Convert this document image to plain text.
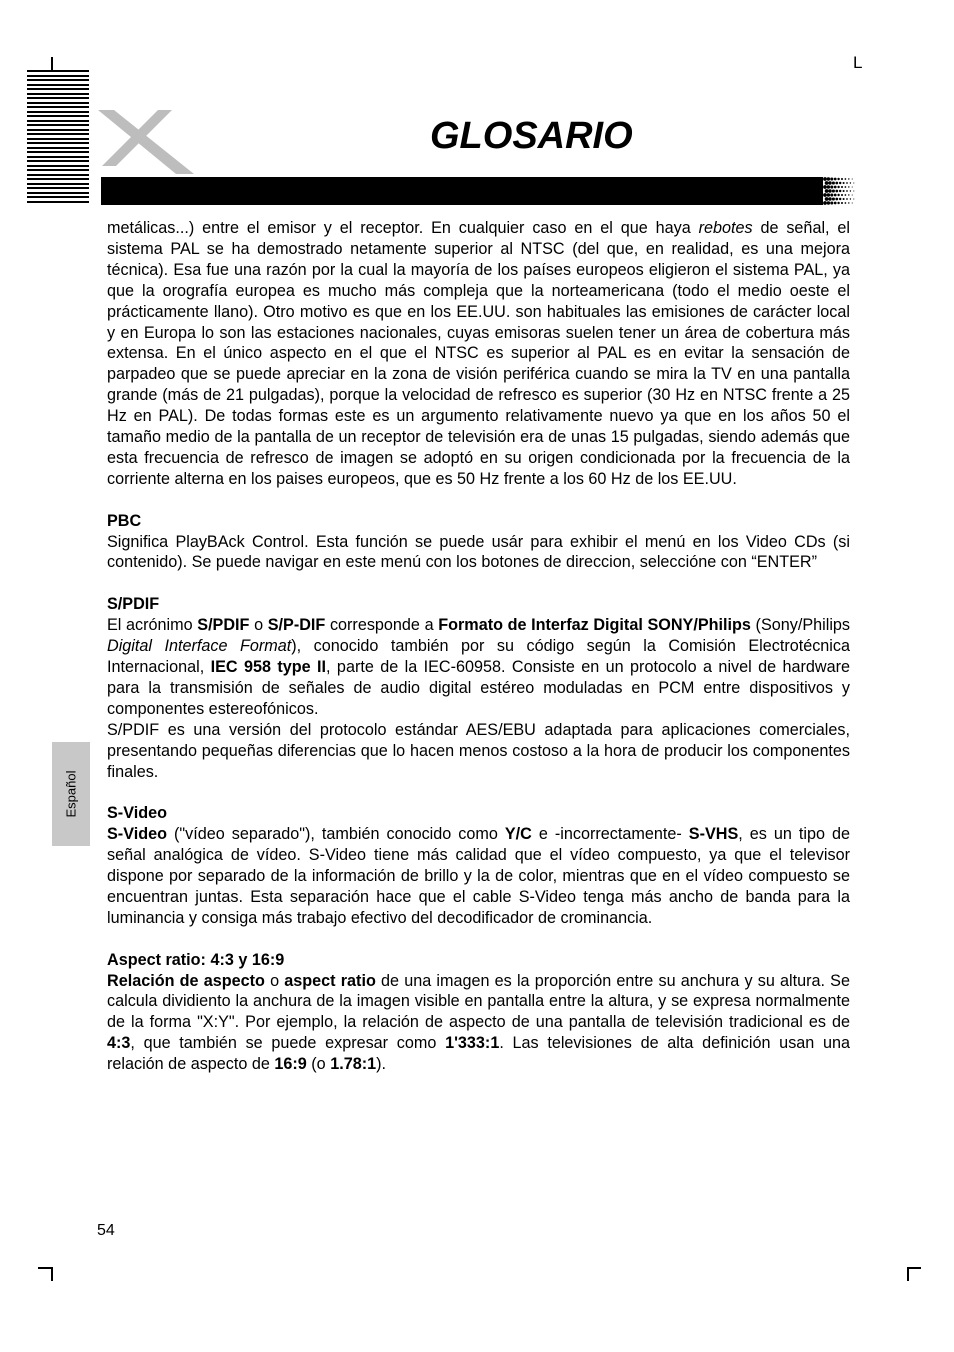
L
GLOSARIO
Español

metálicas...) entre el emisor y el receptor. En cualquier caso en el que haya rebotes de señal, el sistema PAL se ha demostrado netamente superior al NTSC (del que, en realidad, es una mejora técnica). Esa fue una razón por la cual la mayoría de los países europeos eligieron el sistema PAL, ya que la orografía europea es mucho más compleja que la norteamericana (todo el medio oeste el prácticamente llano). Otro motivo es que en los EE.UU. son habituales las emisiones de carácter local y en Europa lo son las estaciones nacionales, cuyas emisoras suelen tener un área de cobertura más extensa. En el único aspecto en el que el NTSC es superior al PAL es en evitar la sensación de parpadeo que se puede apreciar en la zona de visión periférica cuando se mira la TV en una pantalla grande (más de 21 pulgadas), porque la velocidad de refresco es superior (30 Hz en NTSC frente a 25 Hz en PAL). De todas formas este es un argumento relativamente nuevo ya que en los años 50 el tamaño medio de la pantalla de un receptor de televisión era de unas 15 pulgadas, siendo además que esta frecuencia de refresco de imagen se adoptó en su origen condicionada por la frecuencia de la corriente alterna en los paises europeos, que es 50 Hz frente a los 60 Hz de los EE.UU.

PBC

Significa PlayBAck Control. Esta función se puede usár para exhibir el menú en los Video CDs (si contenido). Se puede navigar en este menú con los botones de direccion, seleccióne con “ENTER”

S/PDIF

El acrónimo S/PDIF o S/P-DIF corresponde a Formato de Interfaz Digital SONY/Philips (Sony/Philips Digital Interface Format), conocido también por su código según la Comisión Electrotécnica Internacional, IEC 958 type II, parte de la IEC-60958. Consiste en un protocolo a nivel de hardware para la transmisión de señales de audio digital estéreo moduladas en PCM entre dispositivos y componentes estereofónicos.

S/PDIF es una versión del protocolo estándar AES/EBU adaptada para aplicaciones comerciales, presentando pequeñas diferencias que lo hacen menos costoso a la hora de producir los componentes finales.

S-Video

S-Video ("vídeo separado"), también conocido como Y/C e -incorrectamente- S-VHS, es un tipo de señal analógica de vídeo. S-Video tiene más calidad que el vídeo compuesto, ya que el televisor dispone por separado de la información de brillo y la de color, mientras que en el vídeo compuesto se encuentran juntas. Esta separación hace que el cable S-Video tenga más ancho de banda para la luminancia y consiga más trabajo efectivo del decodificador de crominancia.

Aspect ratio: 4:3 y 16:9

Relación de aspecto o aspect ratio de una imagen es la proporción entre su anchura y su altura. Se calcula dividiento la anchura de la imagen visible en pantalla entre la altura, y se expresa normalmente de la forma "X:Y". Por ejemplo, la relación de aspecto de una pantalla de televisión tradicional es de 4:3, que también se puede expresar como 1'333:1. Las televisiones de alta definición usan una relación de aspecto de 16:9 (o 1.78:1).

54
